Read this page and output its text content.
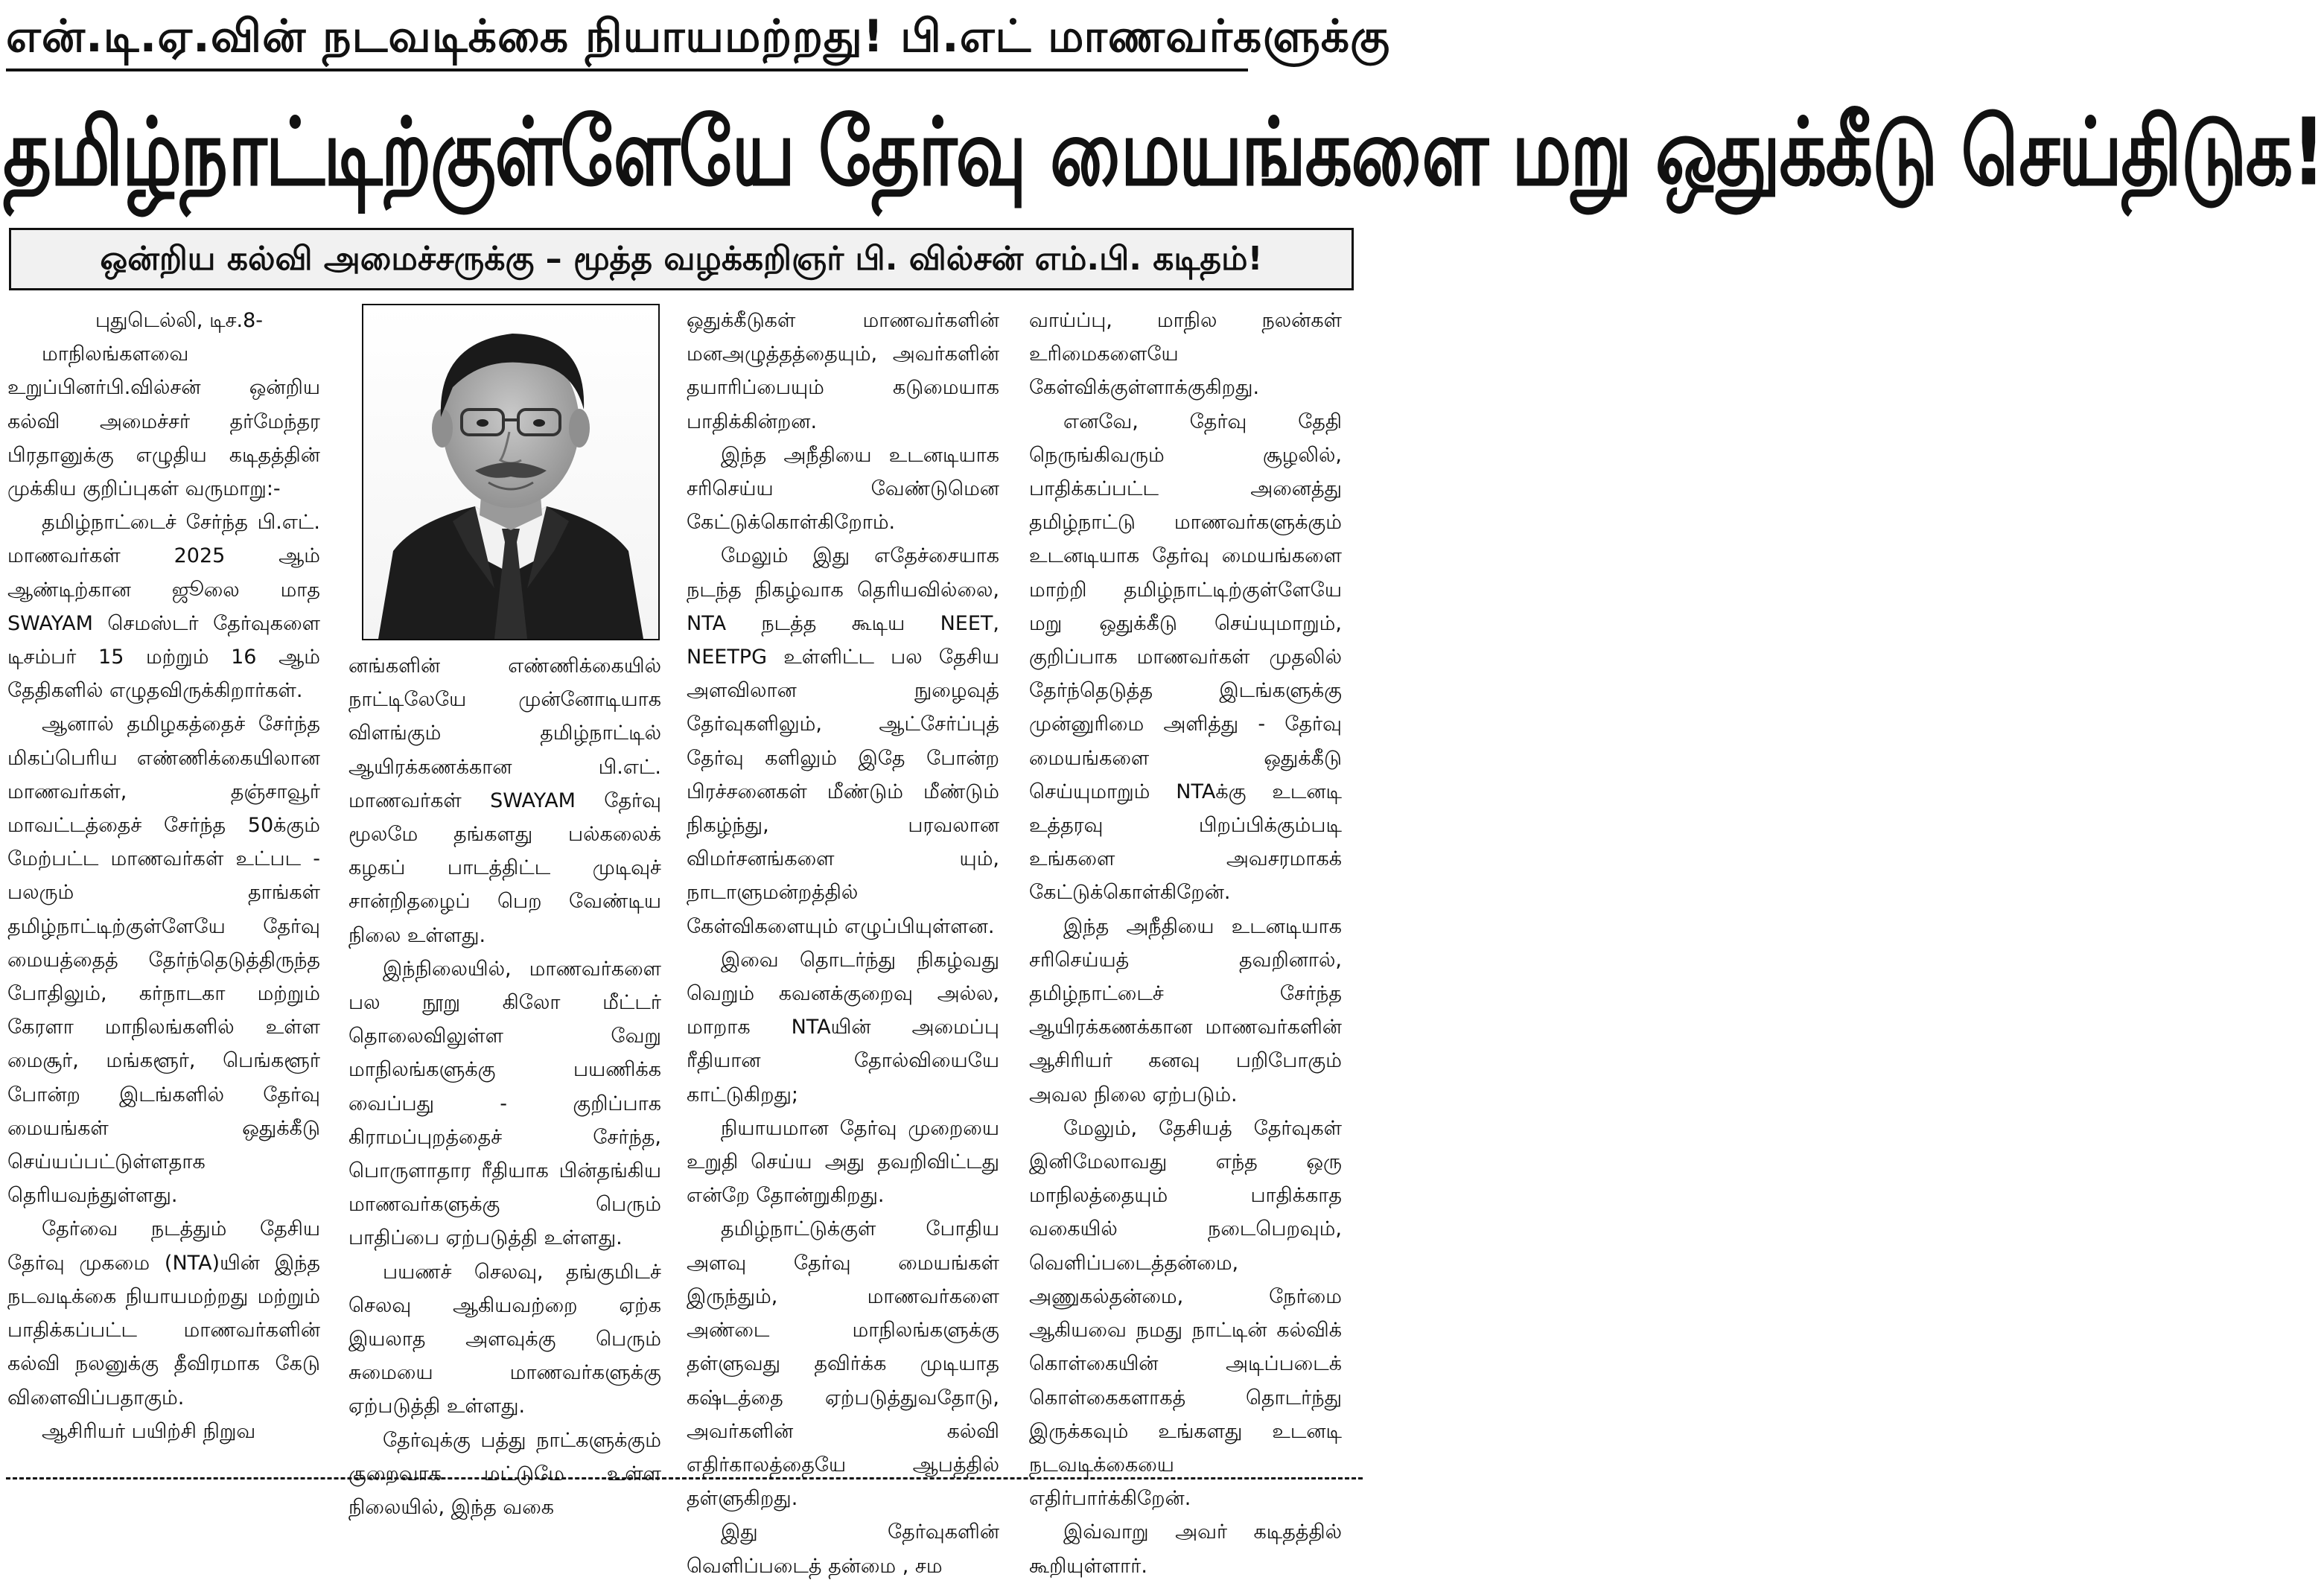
என்.டி.ஏ.வின் நடவடிக்கை நியாயமற்றது! பி.எட் மாணவர்களுக்கு
தமிழ்நாட்டிற்குள்ளேயே தேர்வு மையங்களை மறு ஒதுக்கீடு செய்திடுக!
ஒன்றிய கல்வி அமைச்சருக்கு – மூத்த வழக்கறிஞர் பி. வில்சன் எம்.பி. கடிதம்!

புதுடெல்லி, டிச.8-

மாநிலங்களவை உறுப்பினர்பி.வில்சன் ஒன்றிய கல்வி அமைச்சர் தர்மேந்தர பிரதானுக்கு எழுதிய கடிதத்தின் முக்கிய குறிப்புகள் வருமாறு:-

தமிழ்நாட்டைச் சேர்ந்த பி.எட். மாணவர்கள் 2025 ஆம் ஆண்டிற்கான ஜூலை மாத SWAYAM செமஸ்டர் தேர்வுகளை டிசம்பர் 15 மற்றும் 16 ஆம் தேதிகளில் எழுதவிருக்கிறார்கள்.

ஆனால் தமிழகத்தைச் சேர்ந்த மிகப்பெரிய எண்ணிக்கையிலான மாணவர்கள், தஞ்சாவூர் மாவட்டத்தைச் சேர்ந்த 50க்கும் மேற்பட்ட மாணவர்கள் உட்பட - பலரும் தாங்கள் தமிழ்நாட்டிற்குள்ளேயே தேர்வு மையத்தைத் தேர்ந்தெடுத்திருந்த போதிலும், கர்நாடகா மற்றும் கேரளா மாநிலங்களில் உள்ள மைசூர், மங்களூர், பெங்களூர் போன்ற இடங்களில் தேர்வு மையங்கள் ஒதுக்கீடு செய்யப்பட்டுள்ளதாக தெரியவந்துள்ளது.

தேர்வை நடத்தும் தேசிய தேர்வு முகமை (NTA)யின் இந்த நடவடிக்கை நியாயமற்றது மற்றும் பாதிக்கப்பட்ட மாணவர்களின் கல்வி நலனுக்கு தீவிரமாக கேடு விளைவிப்பதாகும்.

ஆசிரியர் பயிற்சி நிறுவ

னங்களின் எண்ணிக்கையில் நாட்டிலேயே முன்னோடியாக விளங்கும் தமிழ்நாட்டில் ஆயிரக்கணக்கான பி.எட். மாணவர்கள் SWAYAM தேர்வு மூலமே தங்களது பல்கலைக் கழகப் பாடத்திட்ட முடிவுச் சான்றிதழைப் பெற வேண்டிய நிலை உள்ளது.

இந்நிலையில், மாணவர்களை பல நூறு கிலோ மீட்டர் தொலைவிலுள்ள வேறு மாநிலங்களுக்கு பயணிக்க வைப்பது - குறிப்பாக கிராமப்புறத்தைச் சேர்ந்த, பொருளாதார ரீதியாக பின்தங்கிய மாணவர்களுக்கு பெரும் பாதிப்பை ஏற்படுத்தி உள்ளது.

பயணச் செலவு, தங்குமிடச் செலவு ஆகியவற்றை ஏற்க இயலாத அளவுக்கு பெரும் சுமையை மாணவர்களுக்கு ஏற்படுத்தி உள்ளது.

தேர்வுக்கு பத்து நாட்களுக்கும் குறைவாக மட்டுமே உள்ள நிலையில், இந்த வகை

ஒதுக்கீடுகள் மாணவர்களின் மனஅழுத்தத்தையும், அவர்களின் தயாரிப்பையும் கடுமையாக பாதிக்கின்றன.

இந்த அநீதியை உடனடியாக சரிசெய்ய வேண்டுமென கேட்டுக்கொள்கிறோம்.

மேலும் இது எதேச்சையாக நடந்த நிகழ்வாக தெரியவில்லை, NTA நடத்த கூடிய NEET, NEETPG உள்ளிட்ட பல தேசிய அளவிலான நுழைவுத் தேர்வுகளிலும், ஆட்சேர்ப்புத் தேர்வு களிலும் இதே போன்ற பிரச்சனைகள் மீண்டும் மீண்டும் நிகழ்ந்து, பரவலான விமர்சனங்களை யும், நாடாளுமன்றத்தில் கேள்விகளையும் எழுப்பியுள்ளன.

இவை தொடர்ந்து நிகழ்வது வெறும் கவனக்குறைவு அல்ல, மாறாக NTAயின் அமைப்பு ரீதியான தோல்வியையே காட்டுகிறது;

நியாயமான தேர்வு முறையை உறுதி செய்ய அது தவறிவிட்டது என்றே தோன்றுகிறது.

தமிழ்நாட்டுக்குள் போதிய அளவு தேர்வு மையங்கள் இருந்தும், மாணவர்களை அண்டை மாநிலங்களுக்கு தள்ளுவது தவிர்க்க முடியாத கஷ்டத்தை ஏற்படுத்துவதோடு, அவர்களின் கல்வி எதிர்காலத்தையே ஆபத்தில் தள்ளுகிறது.

இது தேர்வுகளின் வெளிப்படைத் தன்மை , சம

வாய்ப்பு, மாநில நலன்கள் உரிமைகளையே கேள்விக்குள்ளாக்குகிறது.

எனவே, தேர்வு தேதி நெருங்கிவரும் சூழலில், பாதிக்கப்பட்ட அனைத்து தமிழ்நாட்டு மாணவர்களுக்கும் உடனடியாக தேர்வு மையங்களை மாற்றி தமிழ்நாட்டிற்குள்ளேயே மறு ஒதுக்கீடு செய்யுமாறும், குறிப்பாக மாணவர்கள் முதலில் தேர்ந்தெடுத்த இடங்களுக்கு முன்னுரிமை அளித்து - தேர்வு மையங்களை ஒதுக்கீடு செய்யுமாறும் NTAக்கு உடனடி உத்தரவு பிறப்பிக்கும்படி உங்களை அவசரமாகக் கேட்டுக்கொள்கிறேன்.

இந்த அநீதியை உடனடியாக சரிசெய்யத் தவறினால், தமிழ்நாட்டைச் சேர்ந்த ஆயிரக்கணக்கான மாணவர்களின் ஆசிரியர் கனவு பறிபோகும் அவல நிலை ஏற்படும்.

மேலும், தேசியத் தேர்வுகள் இனிமேலாவது எந்த ஒரு மாநிலத்தையும் பாதிக்காத வகையில் நடைபெறவும், வெளிப்படைத்தன்மை, அணுகல்தன்மை, நேர்மை ஆகியவை நமது நாட்டின் கல்விக் கொள்கையின் அடிப்படைக் கொள்கைகளாகத் தொடர்ந்து இருக்கவும் உங்களது உடனடி நடவடிக்கையை எதிர்பார்க்கிறேன்.

இவ்வாறு அவர் கடிதத்தில் கூறியுள்ளார்.
